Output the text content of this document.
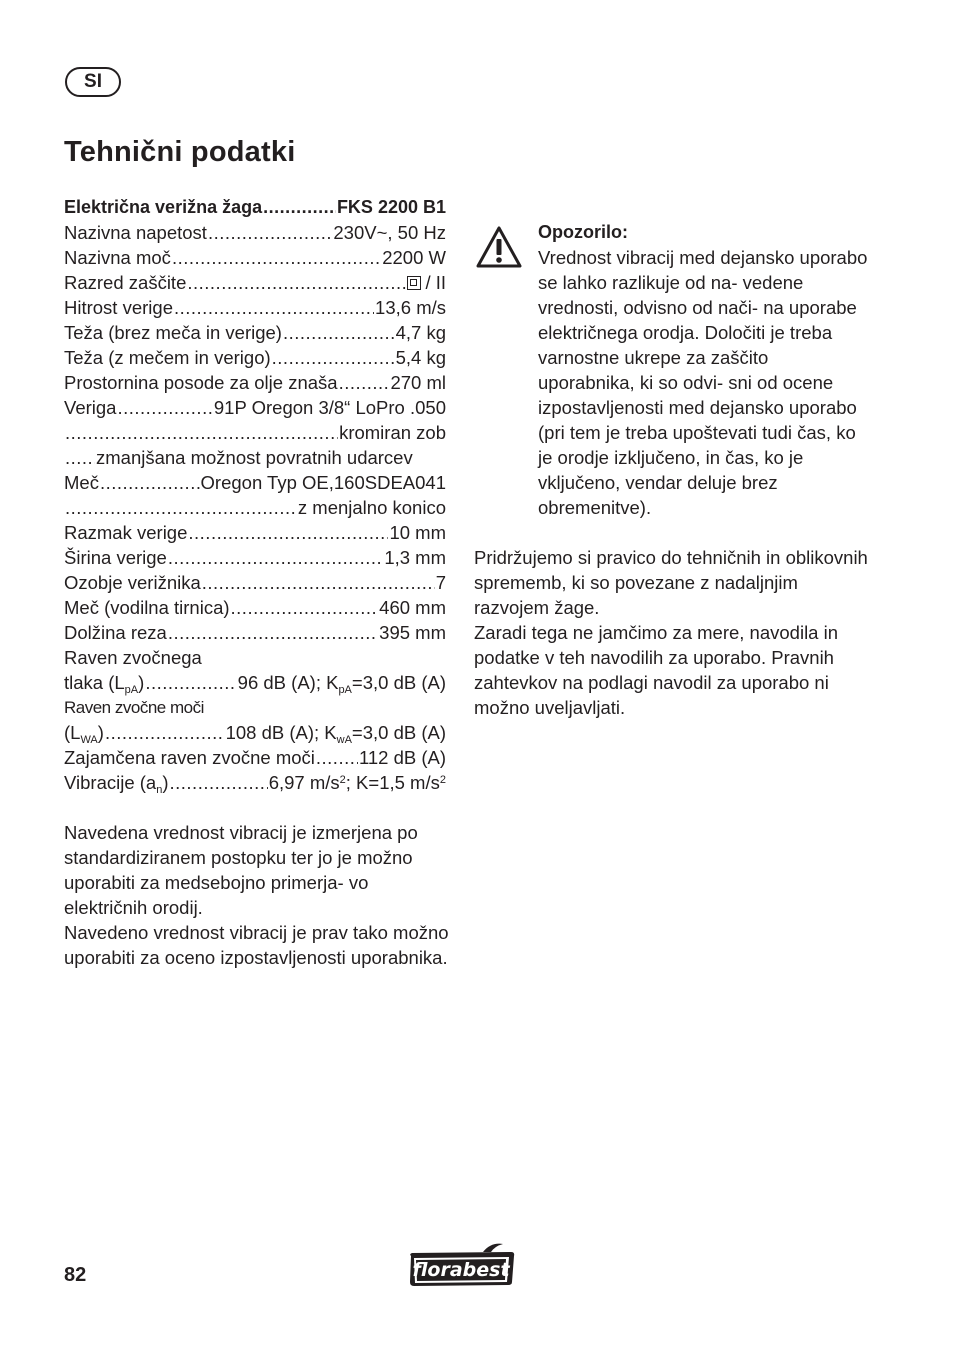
SI
Tehnični podatki
Električna verižna žaga .....	FKS 2200 B1
Nazivna napetost .....	230V~, 50 Hz
Nazivna moč .....	2200 W
Razred zaščite .....	/ II
Hitrost verige .....	13,6 m/s
Teža (brez meča in verige) .....	4,7 kg
Teža (z mečem in verigo) .....	5,4 kg
Prostornina posode za olje znaša .....	270 ml
Veriga .....	91P Oregon 3/8“ LoPro .050
.....
kromiran zob
.....
zmanjšana možnost povratnih udarcev
Meč .....	Oregon Typ OE,160SDEA041
.....
z menjalno konico
Razmak verige .....	10 mm
Širina verige .....	1,3 mm
Ozobje verižnika .....	7
Meč (vodilna tirnica) .....	460 mm
Dolžina reza .....	395 mm
Raven zvočnega
tlaka $(L_{pA})$ .....	96 dB (A); $K_{pA}=3,0$ dB (A)
Raven zvočne moči
$(L_{WA})$ .....	108 dB (A); $K_{wA}=3,0$ dB (A)
Zajamčena raven zvočne moči ..... 112 dB (A)
Vibracije $(a_n)$ .....	6,97 $m/s^2$; K=1,5 $m/s^2$

Navedena vrednost vibracij je izmerjena po standardiziranem postopku ter jo je možno uporabiti za medsebojno primerja- vo električnih orodij.

Navedeno vrednost vibracij je prav tako možno uporabiti za oceno izpostavljenosti uporabnika.

Opozorilo:

Vrednost vibracij med dejansko uporabo se lahko razlikuje od na- vedene vrednosti, odvisno od nači- na uporabe električnega orodja. Določiti je treba varnostne ukrepe za zaščito uporabnika, ki so odvi- sni od ocene izpostavljenosti med dejansko uporabo (pri tem je treba upoštevati tudi čas, ko je orodje izključeno, in čas, ko je vključeno, vendar deluje brez obremenitve).

Pridržujemo si pravico do tehničnih in oblikovnih sprememb, ki so povezane z nadaljnjim razvojem žage.

Zaradi tega ne jamčimo za mere, navodila in podatke v teh navodilih za uporabo. Pravnih zahtevkov na podlagi navodil za uporabo ni možno uveljavljati.

82	florabest
